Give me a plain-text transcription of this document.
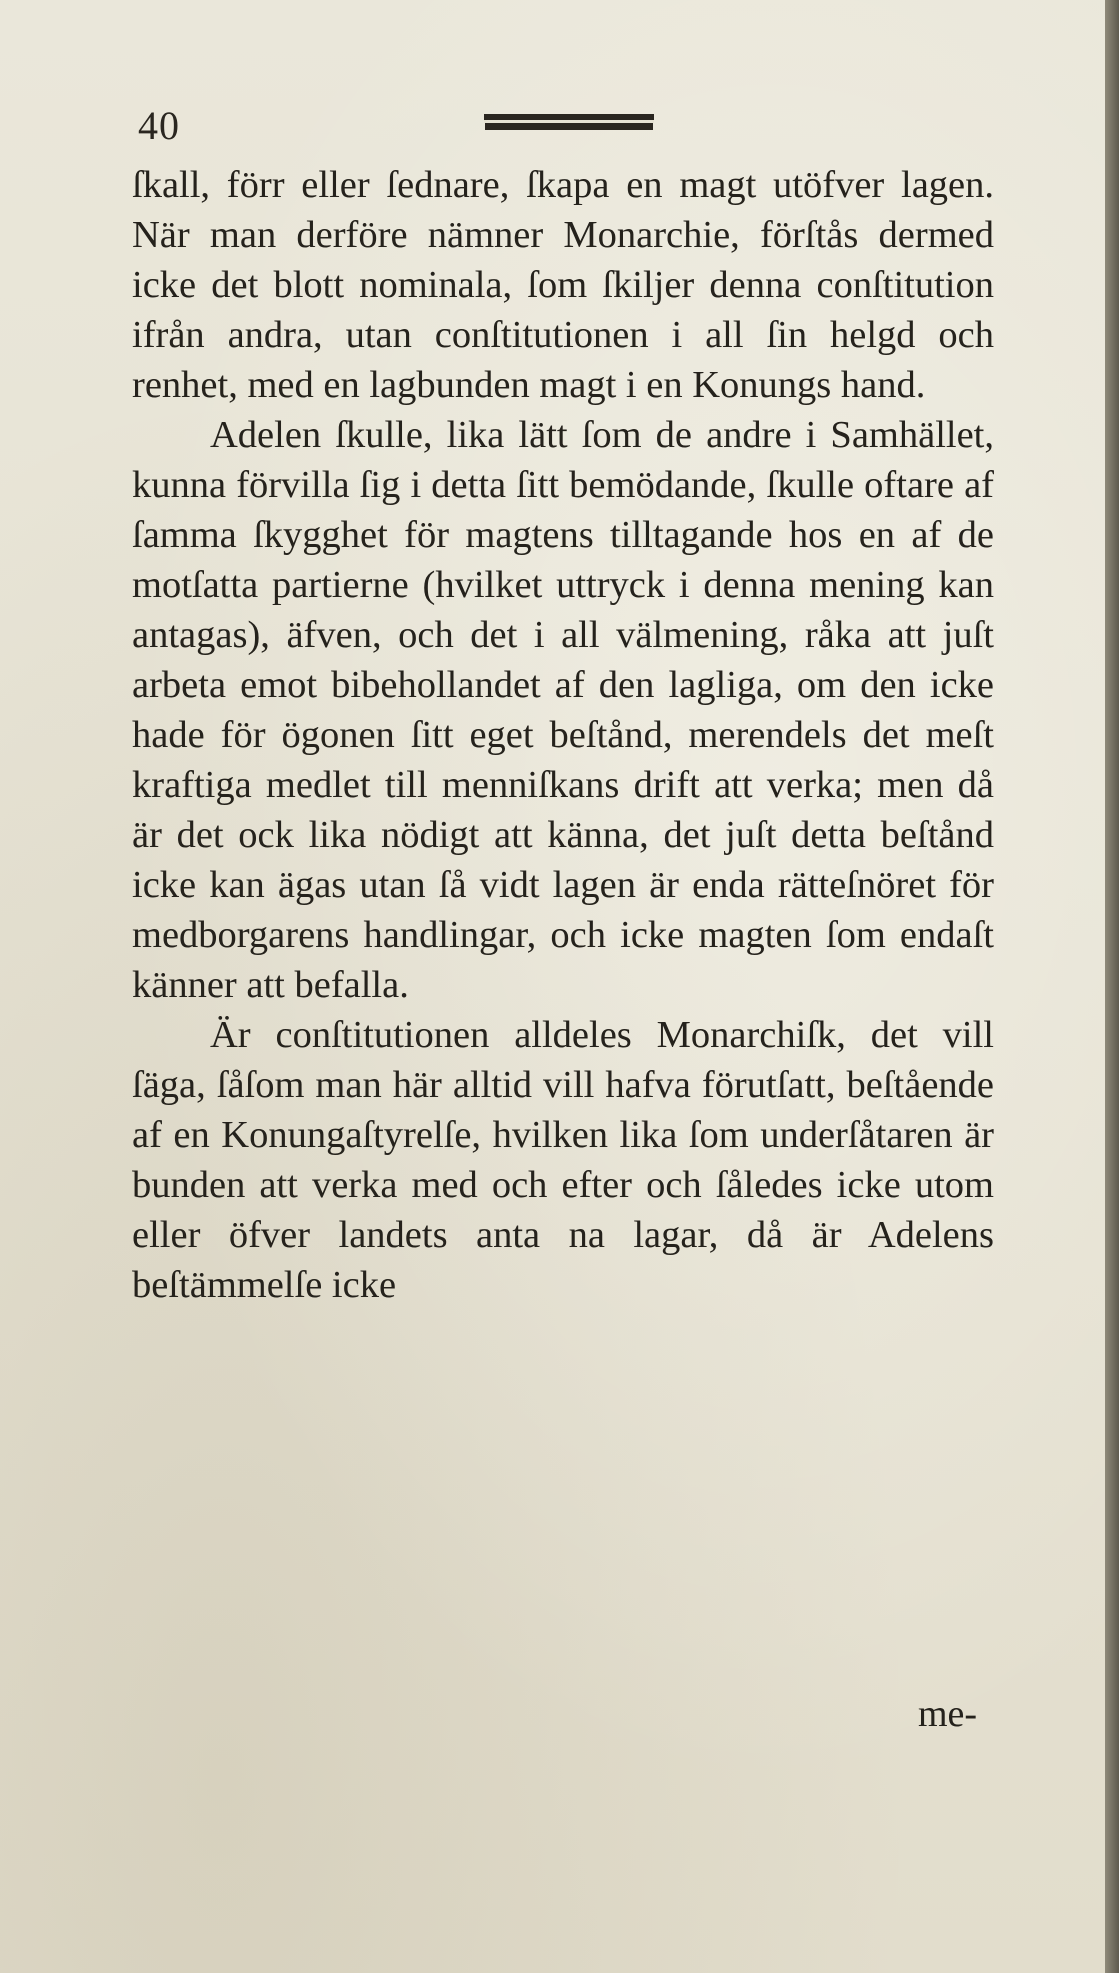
40

ſkall, förr eller ſednare, ſkapa en magt utöfver lagen. När man derföre nämner Monarchie, förſtås dermed icke det blott nominala, ſom ſkiljer denna conſtitution ifrån andra, utan conſtitutionen i all ſin helgd och renhet, med en lagbunden magt i en Konungs hand.

Adelen ſkulle, lika lätt ſom de andre i Samhället, kunna förvilla ſig i detta ſitt bemödande, ſkulle oftare af ſamma ſkygghet för magtens tilltagande hos en af de motſatta partierne (hvilket uttryck i denna mening kan antagas), äfven, och det i all välmening, råka att juſt arbeta emot bibehollandet af den lagliga, om den icke hade för ögonen ſitt eget beſtånd, merendels det meſt kraftiga medlet till menniſkans drift att verka; men då är det ock lika nödigt att känna, det juſt detta beſtånd icke kan ägas utan ſå vidt lagen är enda rätteſnöret för medborgarens handlingar, och icke magten ſom endaſt känner att befalla.

Är conſtitutionen alldeles Monarchiſk, det vill ſäga, ſåſom man här alltid vill hafva förutſatt, beſtående af en Konungaſtyrelſe, hvilken lika ſom underſåtaren är bunden att verka med och efter och ſåledes icke utom eller öfver landets anta na lagar, då är Adelens beſtämmelſe icke

me-
